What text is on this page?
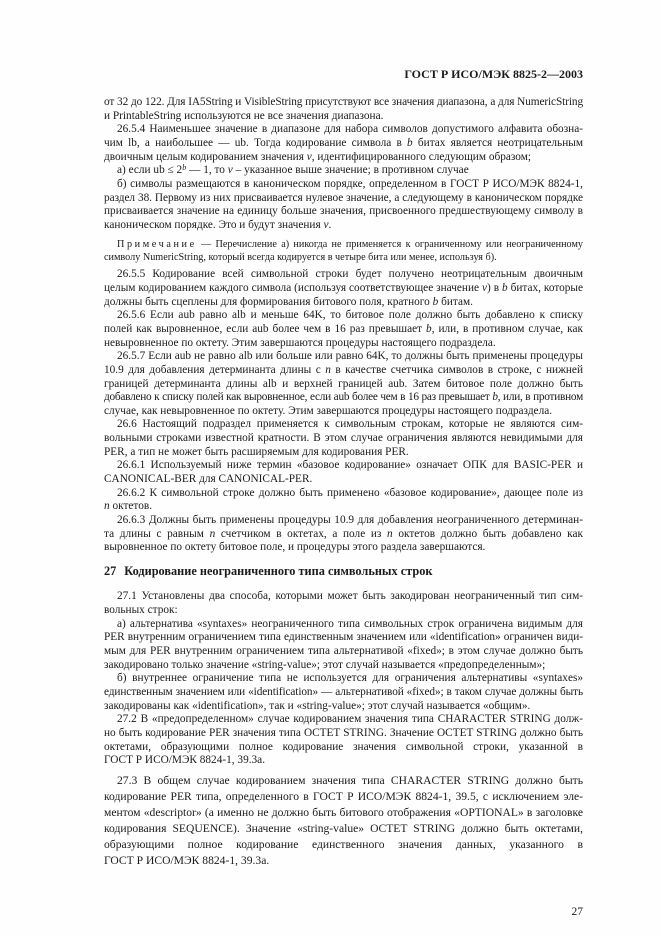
ГОСТ Р ИСО/МЭК 8825-2—2003
от 32 до 122. Для IA5String и VisibleString присутствуют все значения диапазона, а для NumericString
и PrintableString используются не все значения диапазона.
26.5.4 Наименьшее значение в диапазоне для набора символов допустимого алфавита обозна-
чим lb, а наибольшее — ub. Тогда кодирование символа в b битах является неотрицательным
двоичным целым кодированием значения v, идентифицированного следующим образом;
а) если ub ≤ $2^b$ — 1, то v – указанное выше значение; в противном случае
б) символы размещаются в каноническом порядке, определенном в ГОСТ Р ИСО/МЭК 8824-1,
раздел 38. Первому из них присваивается нулевое значение, а следующему в каноническом порядке
присваивается значение на единицу больше значения, присвоенного предшествующему символу в
каноническом порядке. Это и будут значения v.
Примечание — Перечисление а) никогда не применяется к ограниченному или неограниченному
символу NumericString, который всегда кодируется в четыре бита или менее, используя б).
26.5.5 Кодирование всей символьной строки будет получено неотрицательным двоичным
целым кодированием каждого символа (используя соответствующее значение v) в b битах, которые
должны быть сцеплены для формирования битового поля, кратного b битам.
26.5.6 Если aub равно alb и меньше 64K, то битовое поле должно быть добавлено к списку
полей как выровненное, если aub более чем в 16 раз превышает b, или, в противном случае, как
невыровненное по октету. Этим завершаются процедуры настоящего подраздела.
26.5.7 Если aub не равно alb или больше или равно 64K, то должны быть применены процедуры
10.9 для добавления детерминанта длины с n в качестве счетчика символов в строке, с нижней
границей детерминанта длины alb и верхней границей aub. Затем битовое поле должно быть
добавлено к списку полей как выровненное, если aub более чем в 16 раз превышает b, или, в противном
случае, как невыровненное по октету. Этим завершаются процедуры настоящего подраздела.
26.6 Настоящий подраздел применяется к символьным строкам, которые не являются сим-
вольными строками известной кратности. В этом случае ограничения являются невидимыми для
PER, а тип не может быть расширяемым для кодирования PER.
26.6.1 Используемый ниже термин «базовое кодирование» означает ОПК для BASIC-PER и
CANONICAL-BER для CANONICAL-PER.
26.6.2 К символьной строке должно быть применено «базовое кодирование», дающее поле из
n октетов.
26.6.3 Должны быть применены процедуры 10.9 для добавления неограниченного детерминан-
та длины с равным n счетчиком в октетах, а поле из n октетов должно быть добавлено как
выровненное по октету битовое поле, и процедуры этого раздела завершаются.
27 Кодирование неограниченного типа символьных строк
27.1 Установлены два способа, которыми может быть закодирован неограниченный тип сим-
вольных строк:
а) альтернатива «syntaxes» неограниченного типа символьных строк ограничена видимым для
PER внутренним ограничением типа единственным значением или «identification» ограничен види-
мым для PER внутренним ограничением типа альтернативой «fixed»; в этом случае должно быть
закодировано только значение «string-value»; этот случай называется «предопределенным»;
б) внутреннее ограничение типа не используется для ограничения альтернативы «syntaxes»
единственным значением или «identification» — альтернативой «fixed»; в таком случае должны быть
закодированы как «identification», так и «string-value»; этот случай называется «общим».
27.2 В «предопределенном» случае кодированием значения типа CHARACTER STRING долж-
но быть кодирование PER значения типа OCTET STRING. Значение OCTET STRING должно быть
октетами, образующими полное кодирование значения символьной строки, указанной в
ГОСТ Р ИСО/МЭК 8824-1, 39.3а.
27.3 В общем случае кодированием значения типа CHARACTER STRING должно быть
кодирование PER типа, определенного в ГОСТ Р ИСО/МЭК 8824-1, 39.5, с исключением эле-
ментом «descriptor» (а именно не должно быть битового отображения «OPTIONAL» в заголовке
кодирования SEQUENCE). Значение «string-value» OCTET STRING должно быть октетами,
образующими полное кодирование единственного значения данных, указанного в
ГОСТ Р ИСО/МЭК 8824-1, 39.3а.
27
